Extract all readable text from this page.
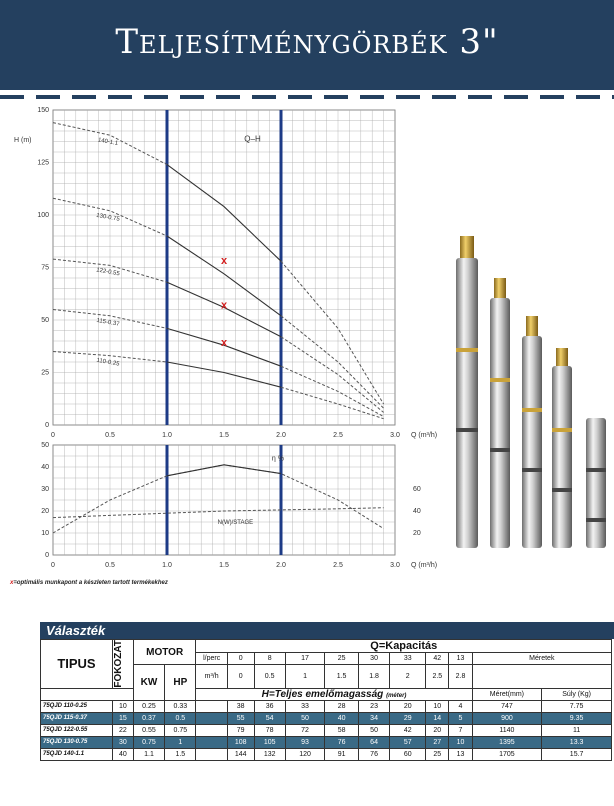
Teljesítménygörbék 3"
0
25
50
75
100
125
150
0	0.5	1.0	1.5	2.0	2.5	3.0
H (m)
Q (m³/h)
Q–H
140-1.1
130-0.75
122-0.55
115-0.37
110-0.25
x
x
x
0
10
20
30
40
50
20
40
60
0	0.5	1.0	1.5	2.0	2.5	3.0 Q (m³/h)
η %
N(W)/STAGE
x=optimális munkapont a készleten tartott termékekhez
Választék
TIPUS	FOKOZAT	MOTOR		Q=Kapacitás										
				l/perc	0	8	17	25	30	33	42	13	Méretek	
		KW	HP	m³/h	0	0.5	1	1.5	1.8	2	2.5	2.8		
				H=Teljes emelőmagasság (méter)									Méret(mm)	Súly (Kg)
75QJD 110-0.25	10	0.25	0.33		38	36	33	28	23	20	10	4	747	7.75
75QJD 115-0.37	15	0.37	0.5		55	54	50	40	34	29	14	5	900	9.35
75QJD 122-0.55	22	0.55	0.75		79	78	72	58	50	42	20	7	1140	11
75QJD 130-0.75	30	0.75	1		108	105	93	76	64	57	27	10	1395	13.3
75QJD 140-1.1	40	1.1	1.5		144	132	120	91	76	60	25	13	1705	15.7
